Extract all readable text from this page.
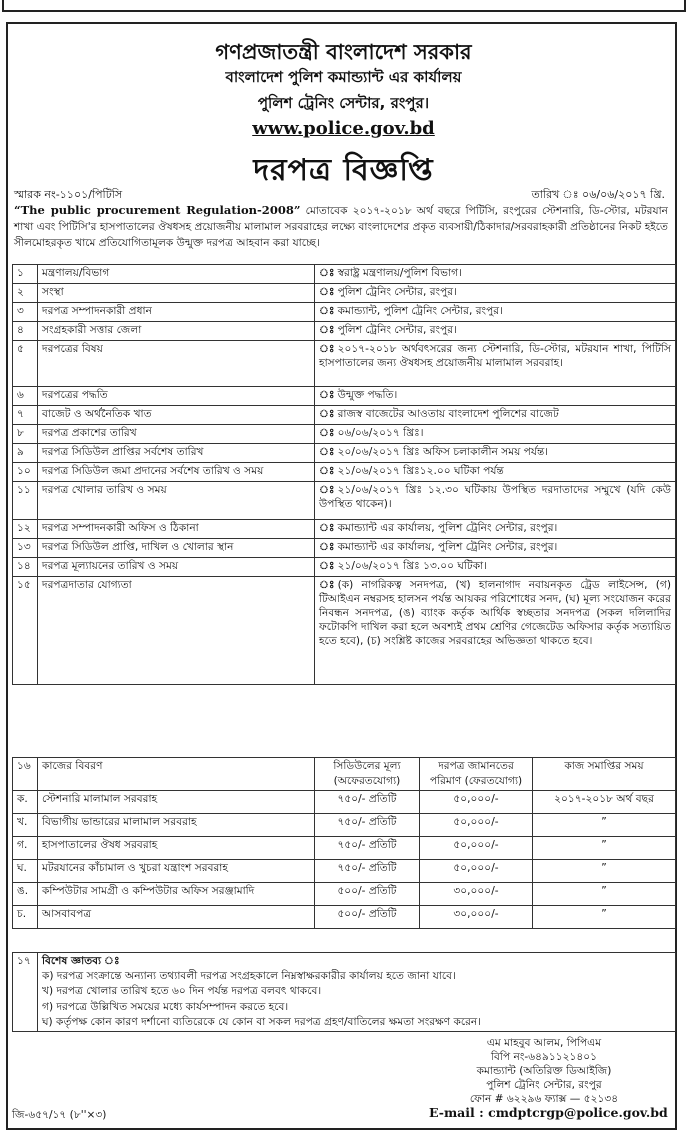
গণপ্রজাতন্ত্রী বাংলাদেশ সরকার
বাংলাদেশ পুলিশ কমান্ড্যান্ট এর কার্যালয়
পুলিশ ট্রেনিং সেন্টার, রংপুর।
www.police.gov.bd
দরপত্র বিজ্ঞপ্তি
স্মারক নং-১১০১/পিটিসি	তারিখ ঃ ০৬/০৬/২০১৭ খ্রি.
“The public procurement Regulation-2008” মোতাবেক ২০১৭-২০১৮ অর্থ বছরে পিটিসি, রংপুরের স্টেশনারি, ডি-স্টোর, মটরযান শাখা এবং পিটিসি'র হাসপাতালের ঔষধসহ প্রয়োজনীয় মালামাল সরবরাহের লক্ষ্যে বাংলাদেশের প্রকৃত ব্যবসায়ী/ঠিকাদার/সরবরাহকারী প্রতিষ্ঠানের নিকট হইতে সীলমোহরকৃত খামে প্রতিযোগিতামূলক উন্মুক্ত দরপত্র আহবান করা যাচ্ছে।
১	মন্ত্রণালয়/বিভাগ	ঃ স্বরাষ্ট্র মন্ত্রণালয়/পুলিশ বিভাগ।
২	সংস্থা	ঃ পুলিশ ট্রেনিং সেন্টার, রংপুর।
৩	দরপত্র সম্পাদনকারী প্রধান	ঃ কমান্ড্যান্ট, পুলিশ ট্রেনিং সেন্টার, রংপুর।
৪	সংগ্রহকারী সত্তার জেলা	ঃ পুলিশ ট্রেনিং সেন্টার, রংপুর।
৫	দরপত্রের বিষয়	ঃ ২০১৭-২০১৮ অর্থবৎসরের জন্য স্টেশনারি, ডি-স্টোর, মটরযান শাখা, পিটিসি হাসপাতালের জন্য ঔষধসহ প্রয়োজনীয় মালামাল সরবরাহ।
৬	দরপত্রের পদ্ধতি	ঃ উন্মুক্ত পদ্ধতি।
৭	বাজেট ও অর্থনৈতিক খাত	ঃ রাজস্ব বাজেটের আওতায় বাংলাদেশ পুলিশের বাজেট
৮	দরপত্র প্রকাশের তারিখ	ঃ ০৬/০৬/২০১৭ খ্রিঃ।
৯	দরপত্র সিডিউল প্রাপ্তির সর্বশেষ তারিখ	ঃ ২০/০৬/২০১৭ খ্রিঃ অফিস চলাকালীন সময় পর্যন্ত।
১০	দরপত্র সিডিউল জমা প্রদানের সর্বশেষ তারিখ ও সময়	ঃ ২১/০৬/২০১৭ খ্রিঃ১২.০০ ঘটিকা পর্যন্ত
১১	দরপত্র খোলার তারিখ ও সময়	ঃ ২১/০৬/২০১৭ খ্রিঃ ১২.৩০ ঘটিকায় উপস্থিত দরদাতাদের সম্মুখে (যদি কেউ উপস্থিত থাকেন)।
১২	দরপত্র সম্পাদনকারী অফিস ও ঠিকানা	ঃ কমান্ড্যান্ট এর কার্যালয়, পুলিশ ট্রেনিং সেন্টার, রংপুর।
১৩	দরপত্র সিডিউল প্রাপ্তি, দাখিল ও খোলার স্থান	ঃ কমান্ড্যান্ট এর কার্যালয়, পুলিশ ট্রেনিং সেন্টার, রংপুর।
১৪	দরপত্র মূল্যায়নের তারিখ ও সময়	ঃ ২১/০৬/২০১৭ খ্রিঃ ১৩.০০ ঘটিকা।
১৫	দরপত্রদাতার যোগ্যতা	ঃ (ক) নাগরিকত্ব সনদপত্র, (খ) হালনাগাদ নবায়নকৃত ট্রেড লাইসেন্স, (গ) টিআইএন নম্বরসহ হালসন পর্যন্ত আয়কর পরিশোধের সনদ, (ঘ) মূল্য সংযোজন করের নিবন্ধন সনদপত্র, (ঙ) ব্যাংক কর্তৃক আর্থিক স্বচ্ছতার সনদপত্র (সকল দলিলাদির ফটোকপি দাখিল করা হলে অবশ্যই প্রথম শ্রেণির গেজেটেড অফিসার কর্তৃক সত্যায়িত হতে হবে), (চ) সংশ্লিষ্ট কাজের সরবরাহের অভিজ্ঞতা থাকতে হবে।
১৬	কাজের বিবরণ	সিডিউলের মূল্য (অফেরতযোগ্য)	দরপত্র জামানতের পরিমাণ (ফেরতযোগ্য)	কাজ সমাপ্তির সময়
ক.	স্টেশনারি মালামাল সরবরাহ	৭৫০/- প্রতিটি	৫০,০০০/-	২০১৭-২০১৮ অর্থ বছর
খ.	বিভাগীয় ভান্ডারের মালামাল সরবরাহ	৭৫০/- প্রতিটি	৫০,০০০/-	”
গ.	হাসপাতালের ঔষধ সরবরাহ	৭৫০/- প্রতিটি	৫০,০০০/-	”
ঘ.	মটরযানের কাঁচামাল ও খুচরা যন্ত্রাংশ সরবরাহ	৭৫০/- প্রতিটি	৫০,০০০/-	”
ঙ.	কম্পিউটার সামগ্রী ও কম্পিউটার অফিস সরঞ্জামাদি	৫০০/- প্রতিটি	৩০,০০০/-	”
চ.	আসবাবপত্র	৫০০/- প্রতিটি	৩০,০০০/-	”
১৭	বিশেষ জ্ঞাতব্য ঃ
ক) দরপত্র সংক্রান্তে অন্যান্য তথ্যাবলী দরপত্র সংগ্রহকালে নিম্নস্বাক্ষরকারীর কার্যালয় হতে জানা যাবে।
খ) দরপত্র খোলার তারিখ হতে ৬০ দিন পর্যন্ত দরপত্র বলবৎ থাকবে।
গ) দরপত্রে উল্লিখিত সময়ের মধ্যে কার্যসম্পাদন করতে হবে।
ঘ) কর্তৃপক্ষ কোন কারণ দর্শানো ব্যতিরেকে যে কোন বা সকল দরপত্র গ্রহণ/বাতিলের ক্ষমতা সংরক্ষণ করেন।
এম মাহবুব আলম, পিপিএম
বিপি নং-৬৪৯১১২১৪০১
কমান্ড্যান্ট (অতিরিক্ত ডিআইজি)
পুলিশ ট্রেনিং সেন্টার, রংপুর
ফোন # ৬২২৯৬ ফ্যাক্স — ৫২১৩৪
E-mail : cmdptcrgp@police.gov.bd
জি-৬৫৭/১৭ (৮''×৩)
